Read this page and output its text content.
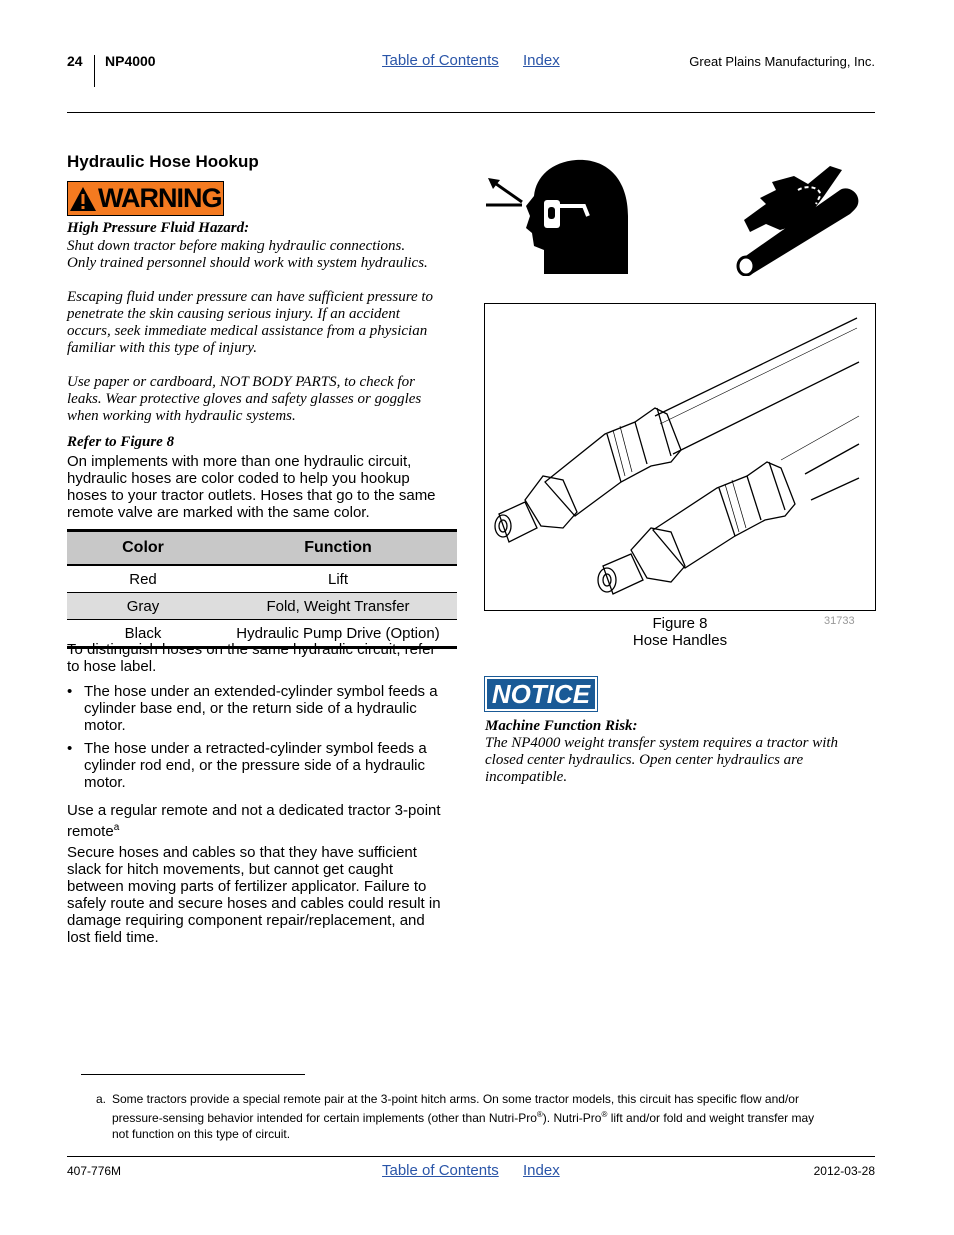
24 NP4000	Table of Contents Index	Great Plains Manufacturing, Inc.
Hydraulic Hose Hookup
WARNING
High Pressure Fluid Hazard:
Shut down tractor before making hydraulic connections.
Only trained personnel should work with system hydraulics.
Escaping fluid under pressure can have sufficient pressure to
penetrate the skin causing serious injury. If an accident
occurs, seek immediate medical assistance from a physician
familiar with this type of injury.
Use paper or cardboard, NOT BODY PARTS, to check for
leaks. Wear protective gloves and safety glasses or goggles
when working with hydraulic systems.
Refer to Figure 8
On implements with more than one hydraulic circuit,
hydraulic hoses are color coded to help you hookup
hoses to your tractor outlets. Hoses that go to the same
remote valve are marked with the same color.
Color	Function
Red	Lift
Gray	Fold, Weight Transfer
Black	Hydraulic Pump Drive (Option)
To distinguish hoses on the same hydraulic circuit, refer
to hose label.
• The hose under an extended-cylinder symbol feeds a
cylinder base end, or the return side of a hydraulic
motor.
• The hose under a retracted-cylinder symbol feeds a
cylinder rod end, or the pressure side of a hydraulic
motor.
Use a regular remote and not a dedicated tractor 3-point
remote$^a$
Secure hoses and cables so that they have sufficient
slack for hitch movements, but cannot get caught
between moving parts of fertilizer applicator. Failure to
safely route and secure hoses and cables could result in
damage requiring component repair/replacement, and
lost field time.
31733
Figure 8
Hose Handles
NOTICE
Machine Function Risk:
The NP4000 weight transfer system requires a tractor with
closed center hydraulics. Open center hydraulics are
incompatible.
a. Some tractors provide a special remote pair at the 3-point hitch arms. On some tractor models, this circuit has specific flow and/or
pressure-sensing behavior intended for certain implements (other than Nutri-Pro®). Nutri-Pro® lift and/or fold and weight transfer may
not function on this type of circuit.
407-776M	Table of Contents Index	2012-03-28
